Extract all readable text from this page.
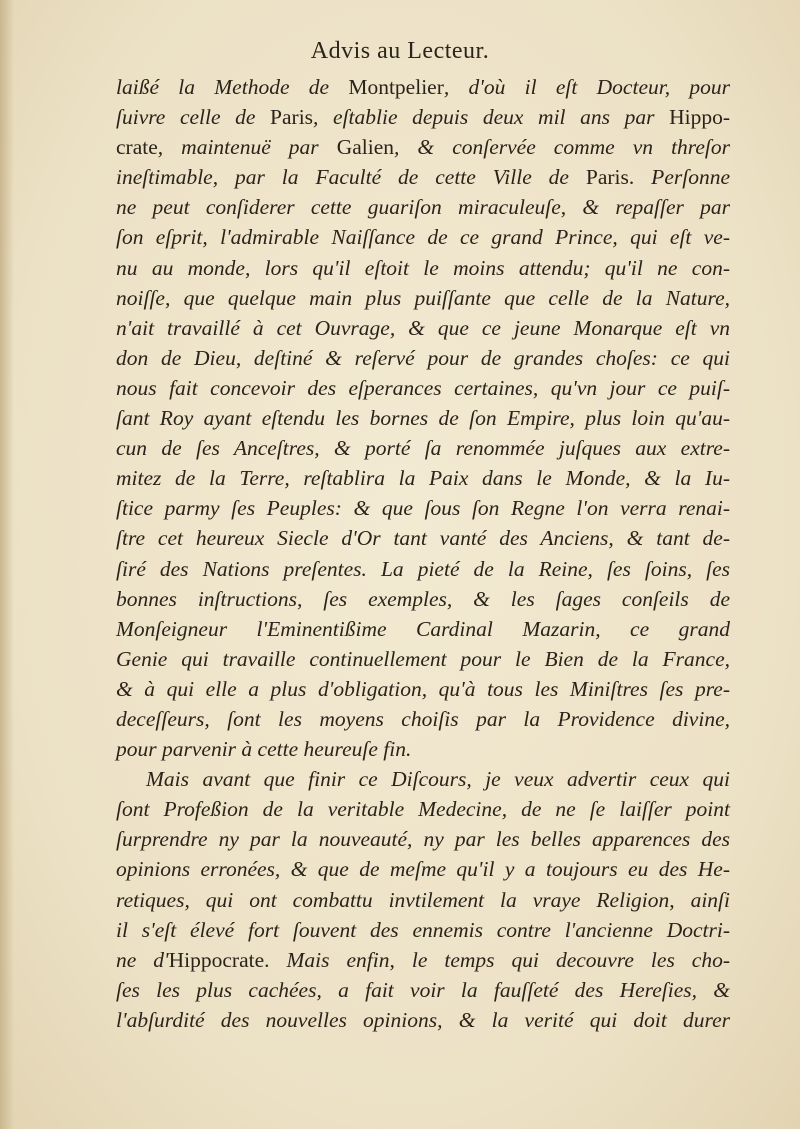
Advis au Lecteur.
laißé la Methode de Montpelier, d'où il eſt Docteur, pour
ſuivre celle de Paris, eſtablie depuis deux mil ans par Hippo-
crate, maintenuë par Galien, & conſervée comme vn threſor
ineſtimable, par la Faculté de cette Ville de Paris. Perſonne
ne peut conſiderer cette guariſon miraculeuſe, & repaſſer par
ſon eſprit, l'admirable Naiſſance de ce grand Prince, qui eſt ve-
nu au monde, lors qu'il eſtoit le moins attendu; qu'il ne con-
noiſſe, que quelque main plus puiſſante que celle de la Nature,
n'ait travaillé à cet Ouvrage, & que ce jeune Monarque eſt vn
don de Dieu, deſtiné & reſervé pour de grandes choſes: ce qui
nous fait concevoir des eſperances certaines, qu'vn jour ce puiſ-
ſant Roy ayant eſtendu les bornes de ſon Empire, plus loin qu'au-
cun de ſes Anceſtres, & porté ſa renommée juſques aux extre-
mitez de la Terre, reſtablira la Paix dans le Monde, & la Iu-
ſtice parmy ſes Peuples: & que ſous ſon Regne l'on verra renai-
ſtre cet heureux Siecle d'Or tant vanté des Anciens, & tant de-
ſiré des Nations preſentes. La pieté de la Reine, ſes ſoins, ſes
bonnes inſtructions, ſes exemples, & les ſages conſeils de
Monſeigneur l'Eminentißime Cardinal Mazarin, ce grand
Genie qui travaille continuellement pour le Bien de la France,
& à qui elle a plus d'obligation, qu'à tous les Miniſtres ſes pre-
deceſſeurs, ſont les moyens choiſis par la Providence divine,
pour parvenir à cette heureuſe fin.
Mais avant que finir ce Diſcours, je veux advertir ceux qui
ſont Profeßion de la veritable Medecine, de ne ſe laiſſer point
ſurprendre ny par la nouveauté, ny par les belles apparences des
opinions erronées, & que de meſme qu'il y a toujours eu des He-
retiques, qui ont combattu invtilement la vraye Religion, ainſi
il s'eſt élevé fort ſouvent des ennemis contre l'ancienne Doctri-
ne d'Hippocrate. Mais enfin, le temps qui decouvre les cho-
ſes les plus cachées, a fait voir la fauſſeté des Hereſies, &
l'abſurdité des nouvelles opinions, & la verité qui doit durer
